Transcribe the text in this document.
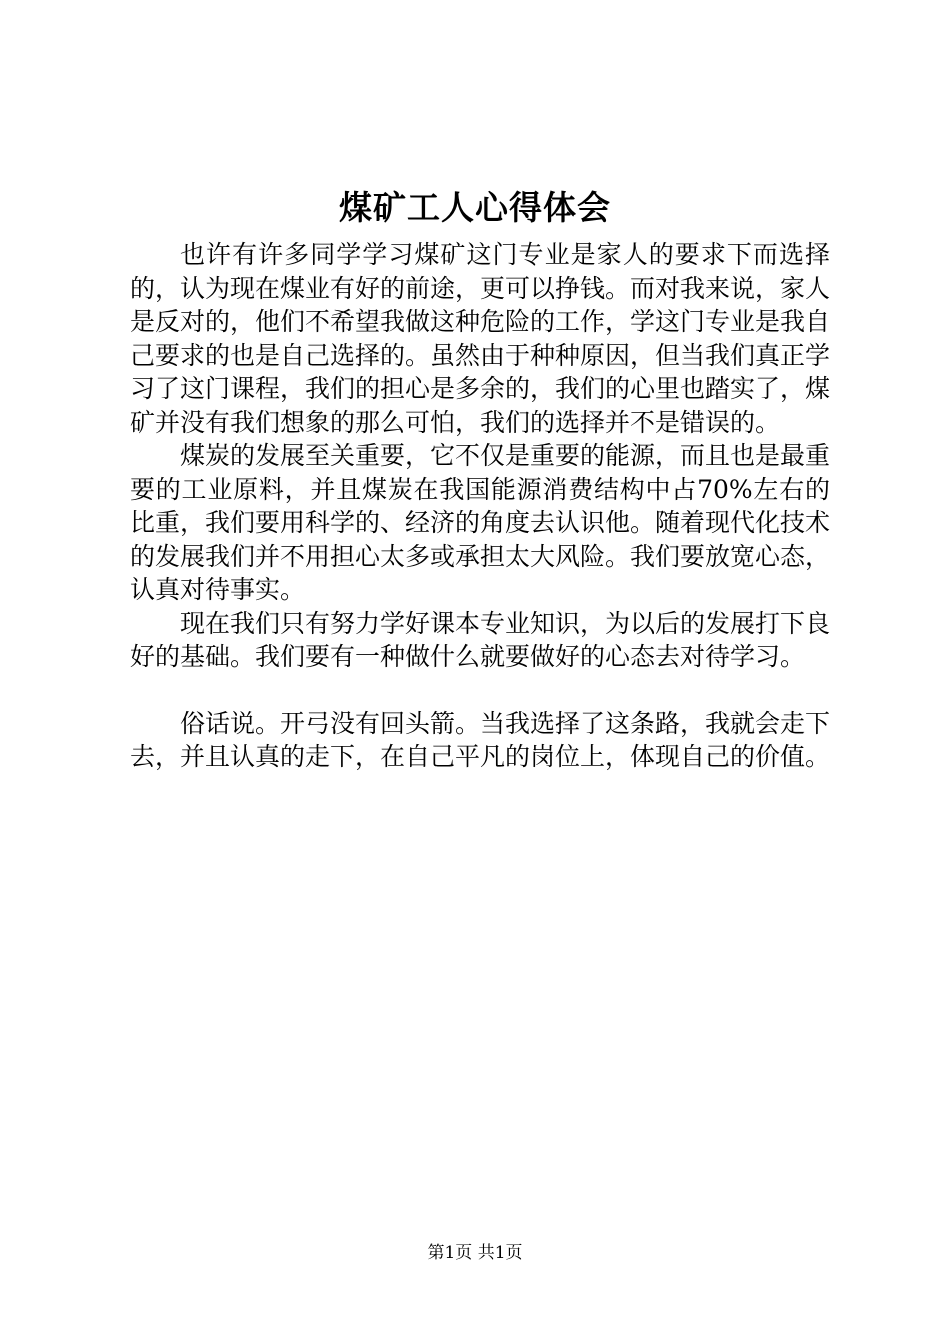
煤矿工人心得体会

也许有许多同学学习煤矿这门专业是家人的要求下而选择的，认为现在煤业有好的前途，更可以挣钱。而对我来说，家人是反对的，他们不希望我做这种危险的工作，学这门专业是我自己要求的也是自己选择的。虽然由于种种原因，但当我们真正学习了这门课程，我们的担心是多余的，我们的心里也踏实了，煤矿并没有我们想象的那么可怕，我们的选择并不是错误的。

煤炭的发展至关重要，它不仅是重要的能源，而且也是最重要的工业原料，并且煤炭在我国能源消费结构中占70%左右的比重，我们要用科学的、经济的角度去认识他。随着现代化技术的发展我们并不用担心太多或承担太大风险。我们要放宽心态，认真对待事实。

现在我们只有努力学好课本专业知识，为以后的发展打下良好的基础。我们要有一种做什么就要做好的心态去对待学习。

俗话说。开弓没有回头箭。当我选择了这条路，我就会走下去，并且认真的走下，在自己平凡的岗位上，体现自己的价值。

第1页 共1页
